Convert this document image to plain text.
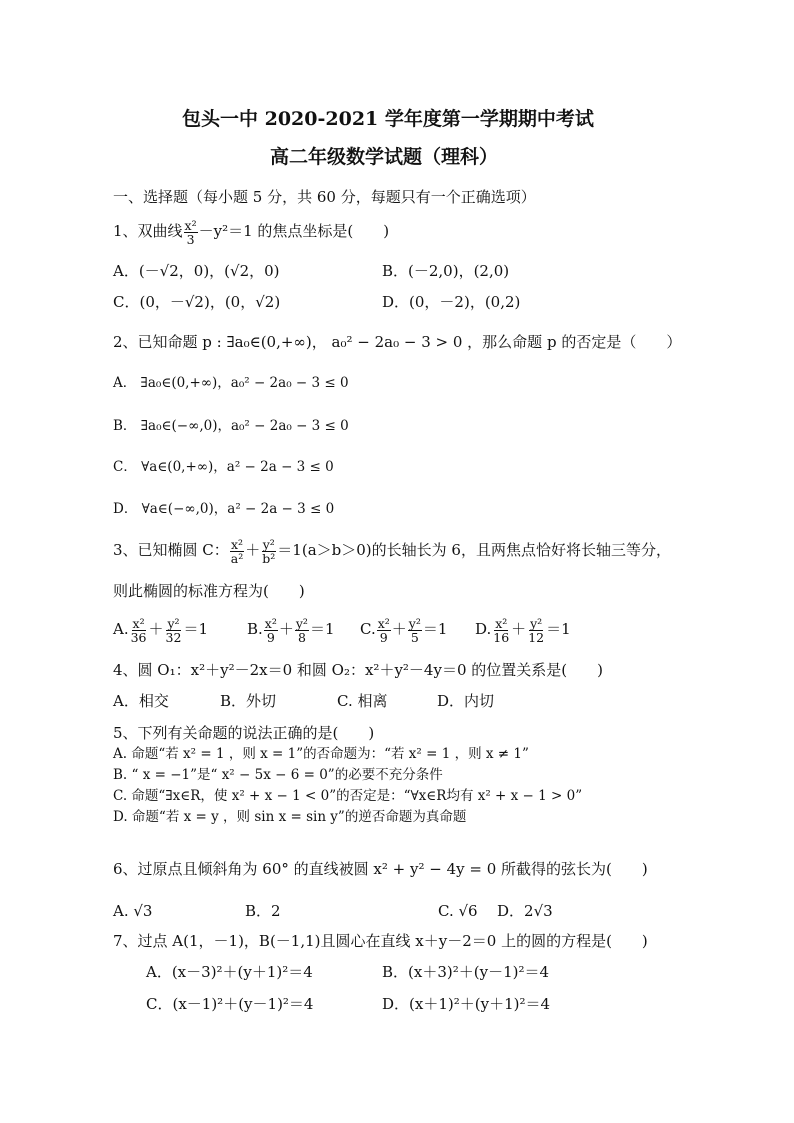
包头一中 2020-2021 学年度第一学期期中考试
高二年级数学试题（理科）
一、选择题（每小题 5 分，共 60 分，每题只有一个正确选项）
1、双曲线 $\frac{\text{x²}}{3} -y^2=1$ 的焦点坐标是(　　)
A．(－√2，0)，(√2，0)	B．(－2,0)，(2,0)
C．(0，－√2)，(0，√2)	D．(0，－2)，(0,2)
2、已知命题 p : ∃a₀∈(0,+∞)， a₀² − 2a₀ − 3 > 0 ，那么命题 p 的否定是（　　）
A． ∃a₀∈(0,+∞)，a₀² − 2a₀ − 3 ≤ 0
B． ∃a₀∈(−∞,0)，a₀² − 2a₀ − 3 ≤ 0
C． ∀a∈(0,+∞)，a² − 2a − 3 ≤ 0
D． ∀a∈(−∞,0)，a² − 2a − 3 ≤ 0
3、已知椭圆 C： $\frac{\text{x²}}{\text{a²}} + \frac{\text{y²}}{\text{b²}} =1(a>b>0)$的长轴长为 6，且两焦点恰好将长轴三等分，
则此椭圆的标准方程为(　　)
A. $\frac{\text{x²}}{36} + \frac{\text{y²}}{32} =1$	B. $\frac{\text{x²}}{9} + \frac{\text{y²}}{8} =1$ C. $\frac{\text{x²}}{9} + \frac{\text{y²}}{5} =1$ D. $\frac{\text{x²}}{16} + \frac{\text{y²}}{12} =1$
4、圆 O₁：x²＋y²－2x＝0 和圆 O₂：x²＋y²－4y＝0 的位置关系是(　　)
A．相交	B．外切	C. 相离	D．内切
5、下列有关命题的说法正确的是(　　)
A. 命题“若 x² = 1 ，则 x = 1”的否命题为：“若 x² = 1 ，则 x ≠ 1”
B. “ x = −1”是“ x² − 5x − 6 = 0”的必要不充分条件
C. 命题“∃x∈R，使 x² + x − 1 < 0”的否定是：“∀x∈R均有 x² + x − 1 > 0”
D. 命题“若 x = y ，则 sin x = sin y”的逆否命题为真命题
6、过原点且倾斜角为 60° 的直线被圆 x² + y² − 4y = 0 所截得的弦长为(　　)
A. √3	B．2	C. √6 D．2√3
7、过点 A(1，－1)，B(－1,1)且圆心在直线 x＋y－2＝0 上的圆的方程是(　　)
A．(x－3)²＋(y＋1)²＝4	B．(x＋3)²＋(y－1)²＝4
C．(x－1)²＋(y－1)²＝4	D．(x＋1)²＋(y＋1)²＝4
